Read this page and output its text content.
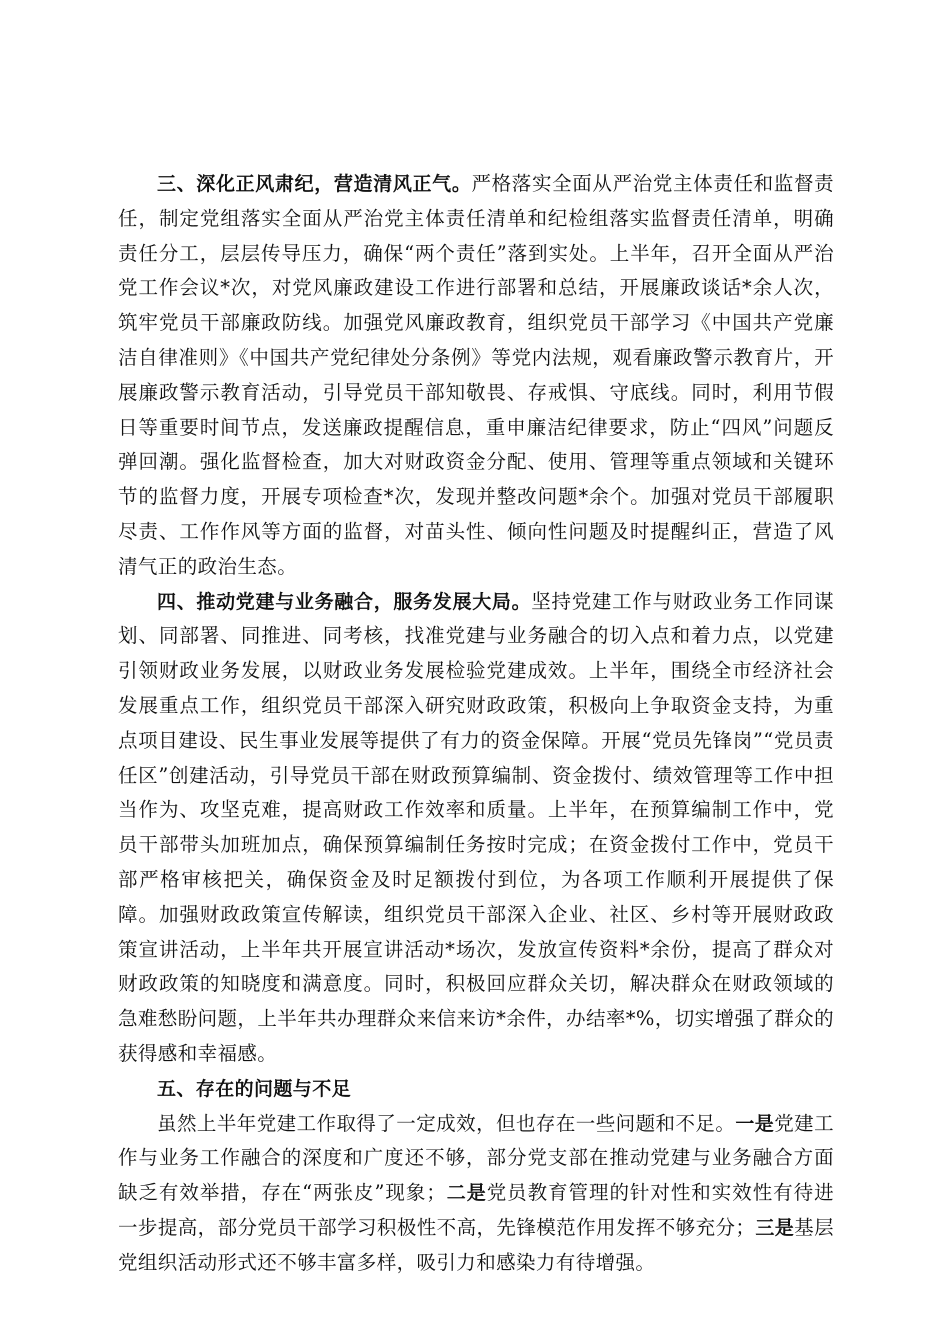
三、深化正风肃纪，营造清风正气。严格落实全面从严治党主体责任和监督责任，制定党组落实全面从严治党主体责任清单和纪检组落实监督责任清单，明确责任分工，层层传导压力，确保“两个责任”落到实处。上半年，召开全面从严治党工作会议*次，对党风廉政建设工作进行部署和总结，开展廉政谈话*余人次，筑牢党员干部廉政防线。加强党风廉政教育，组织党员干部学习《中国共产党廉洁自律准则》《中国共产党纪律处分条例》等党内法规，观看廉政警示教育片，开展廉政警示教育活动，引导党员干部知敬畏、存戒惧、守底线。同时，利用节假日等重要时间节点，发送廉政提醒信息，重申廉洁纪律要求，防止“四风”问题反弹回潮。强化监督检查，加大对财政资金分配、使用、管理等重点领域和关键环节的监督力度，开展专项检查*次，发现并整改问题*余个。加强对党员干部履职尽责、工作作风等方面的监督，对苗头性、倾向性问题及时提醒纠正，营造了风清气正的政治生态。

四、推动党建与业务融合，服务发展大局。坚持党建工作与财政业务工作同谋划、同部署、同推进、同考核，找准党建与业务融合的切入点和着力点，以党建引领财政业务发展，以财政业务发展检验党建成效。上半年，围绕全市经济社会发展重点工作，组织党员干部深入研究财政政策，积极向上争取资金支持，为重点项目建设、民生事业发展等提供了有力的资金保障。开展“党员先锋岗”“党员责任区”创建活动，引导党员干部在财政预算编制、资金拨付、绩效管理等工作中担当作为、攻坚克难，提高财政工作效率和质量。上半年，在预算编制工作中，党员干部带头加班加点，确保预算编制任务按时完成；在资金拨付工作中，党员干部严格审核把关，确保资金及时足额拨付到位，为各项工作顺利开展提供了保障。加强财政政策宣传解读，组织党员干部深入企业、社区、乡村等开展财政政策宣讲活动，上半年共开展宣讲活动*场次，发放宣传资料*余份，提高了群众对财政政策的知晓度和满意度。同时，积极回应群众关切，解决群众在财政领域的急难愁盼问题，上半年共办理群众来信来访*余件，办结率*%，切实增强了群众的获得感和幸福感。

五、存在的问题与不足

虽然上半年党建工作取得了一定成效，但也存在一些问题和不足。一是党建工作与业务工作融合的深度和广度还不够，部分党支部在推动党建与业务融合方面缺乏有效举措，存在“两张皮”现象；二是党员教育管理的针对性和实效性有待进一步提高，部分党员干部学习积极性不高，先锋模范作用发挥不够充分；三是基层党组织活动形式还不够丰富多样，吸引力和感染力有待增强。
